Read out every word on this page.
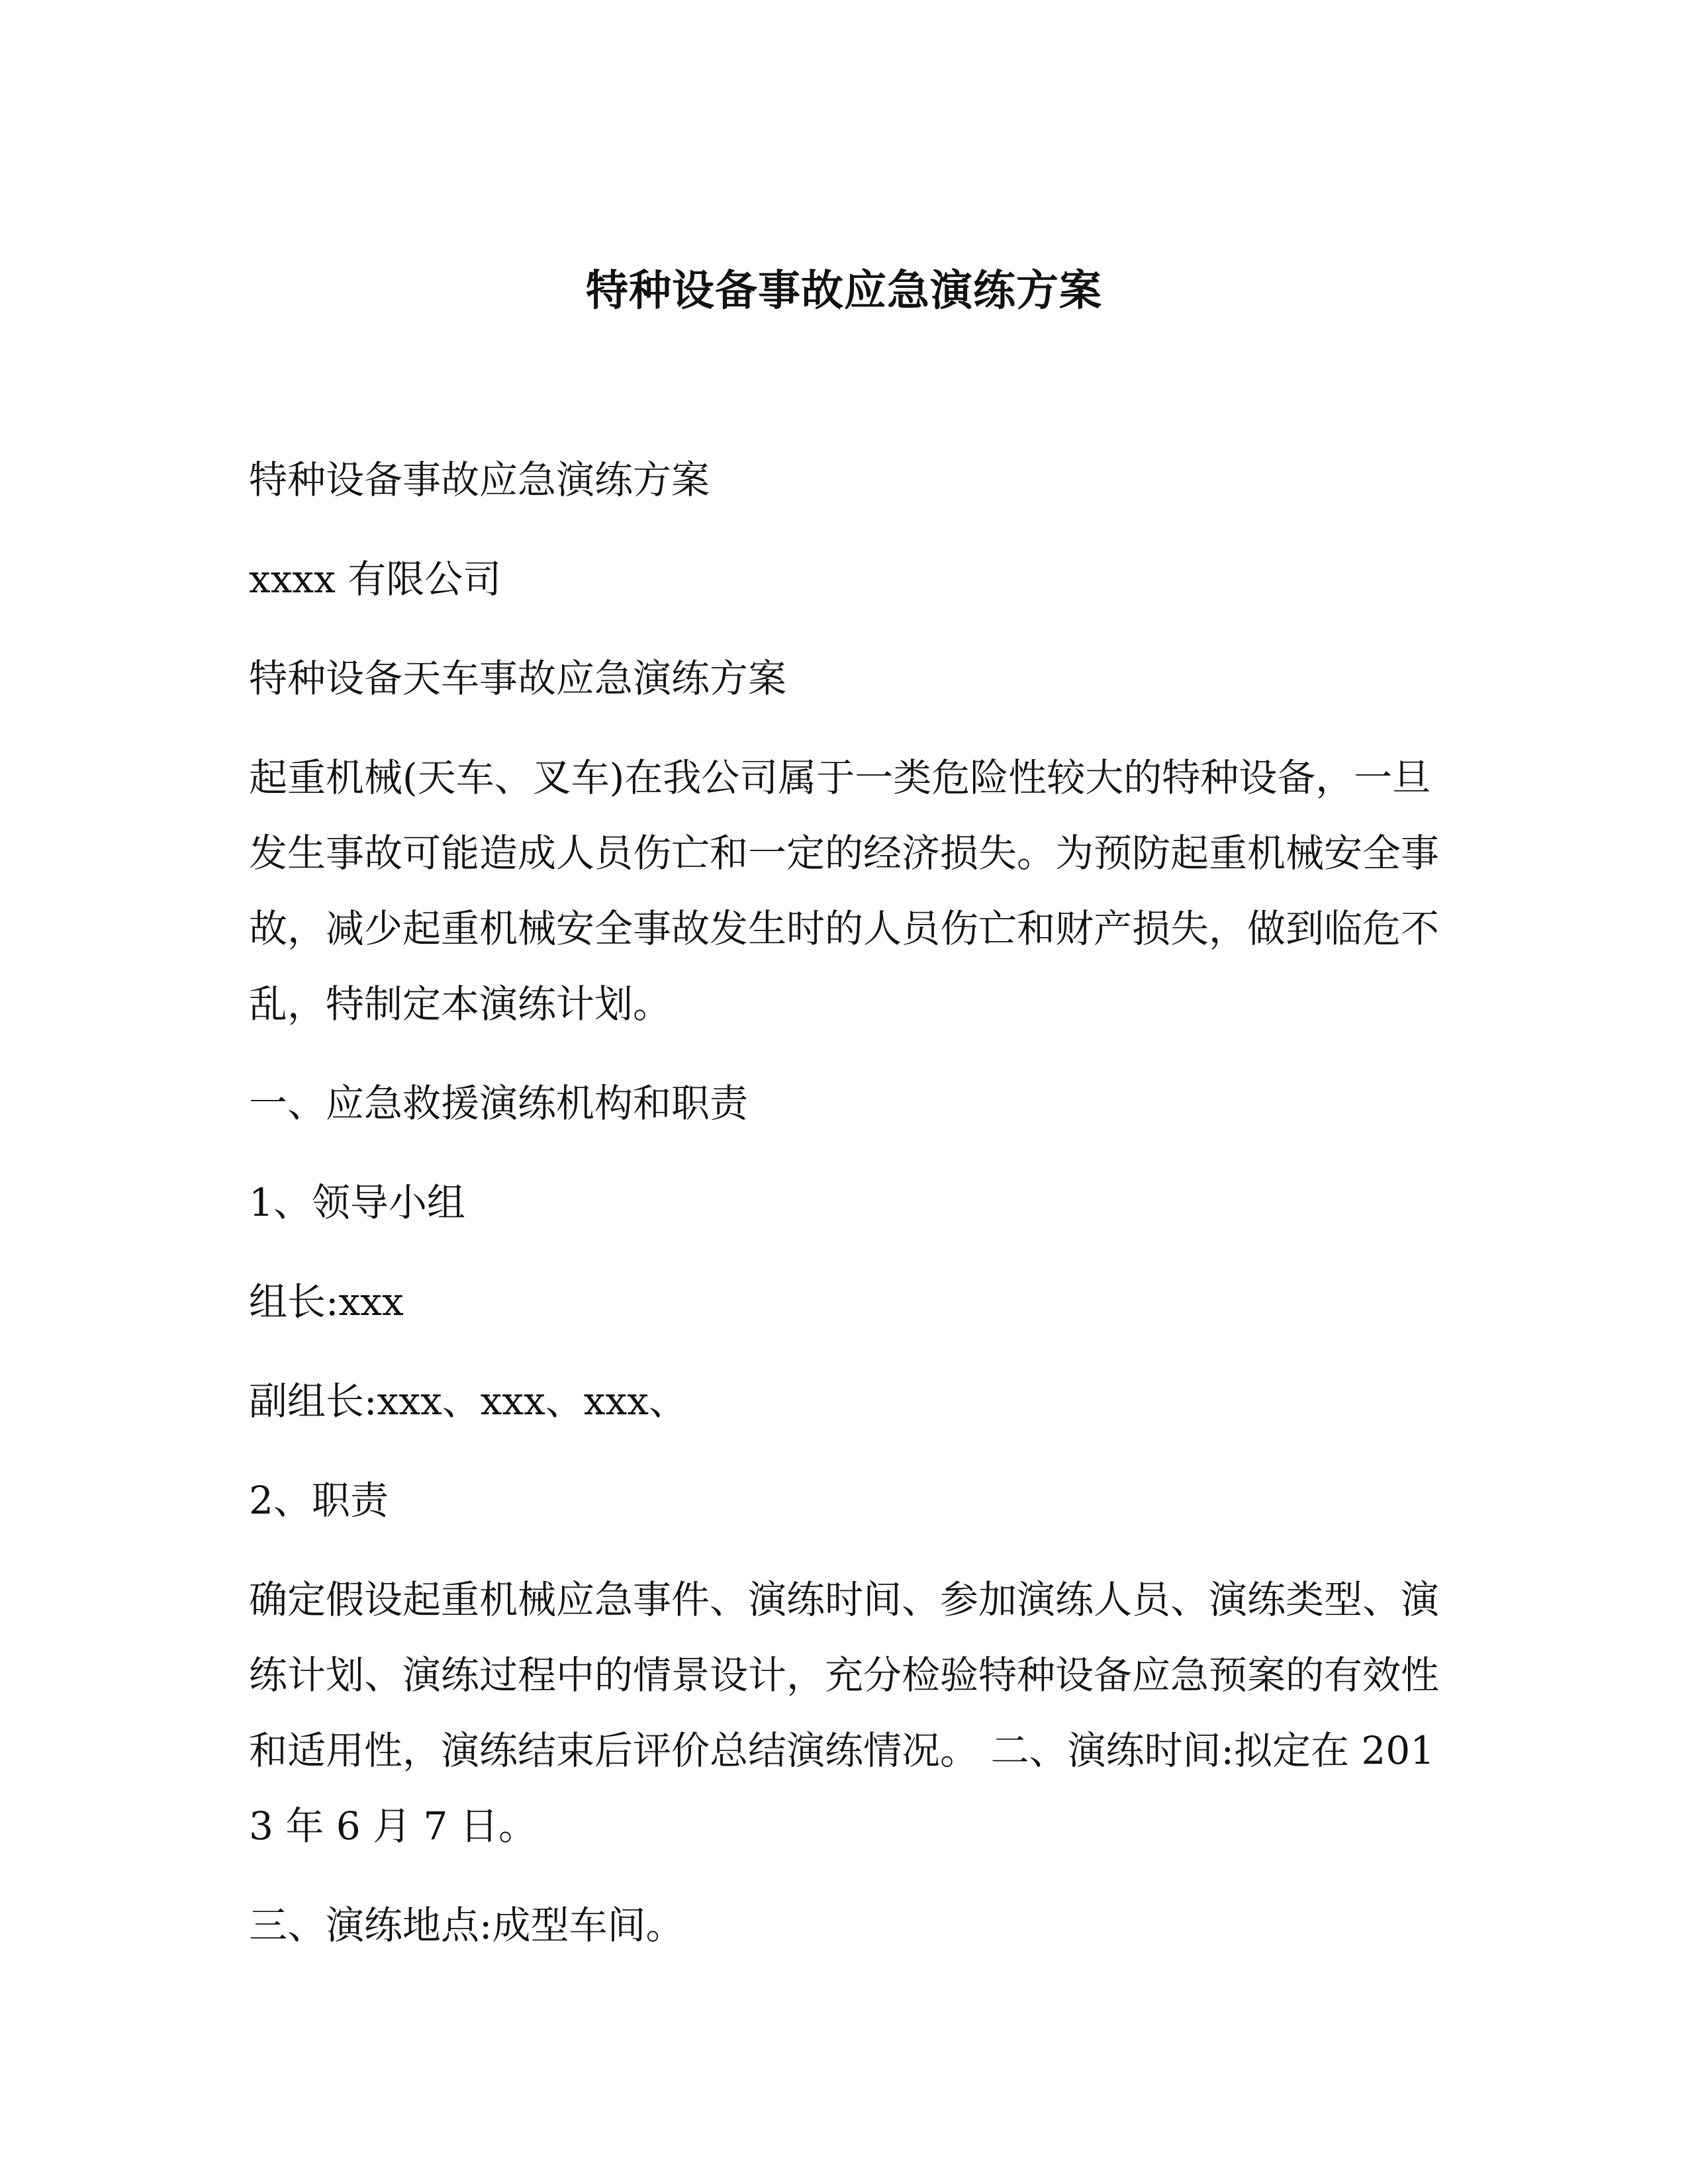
特种设备事故应急演练方案

特种设备事故应急演练方案

xxxx 有限公司

特种设备天车事故应急演练方案

起重机械(天车、叉车)在我公司属于一类危险性较大的特种设备，一旦发生事故可能造成人员伤亡和一定的经济损失。为预防起重机械安全事故，减少起重机械安全事故发生时的人员伤亡和财产损失，做到临危不乱，特制定本演练计划。

一、应急救援演练机构和职责

1、领导小组

组长:xxx

副组长:xxx、xxx、xxx、

2、职责

确定假设起重机械应急事件、演练时间、参加演练人员、演练类型、演练计划、演练过程中的情景设计，充分检验特种设备应急预案的有效性和适用性，演练结束后评价总结演练情况。 二、演练时间:拟定在 2013 年 6 月 7 日。

三、演练地点:成型车间。
